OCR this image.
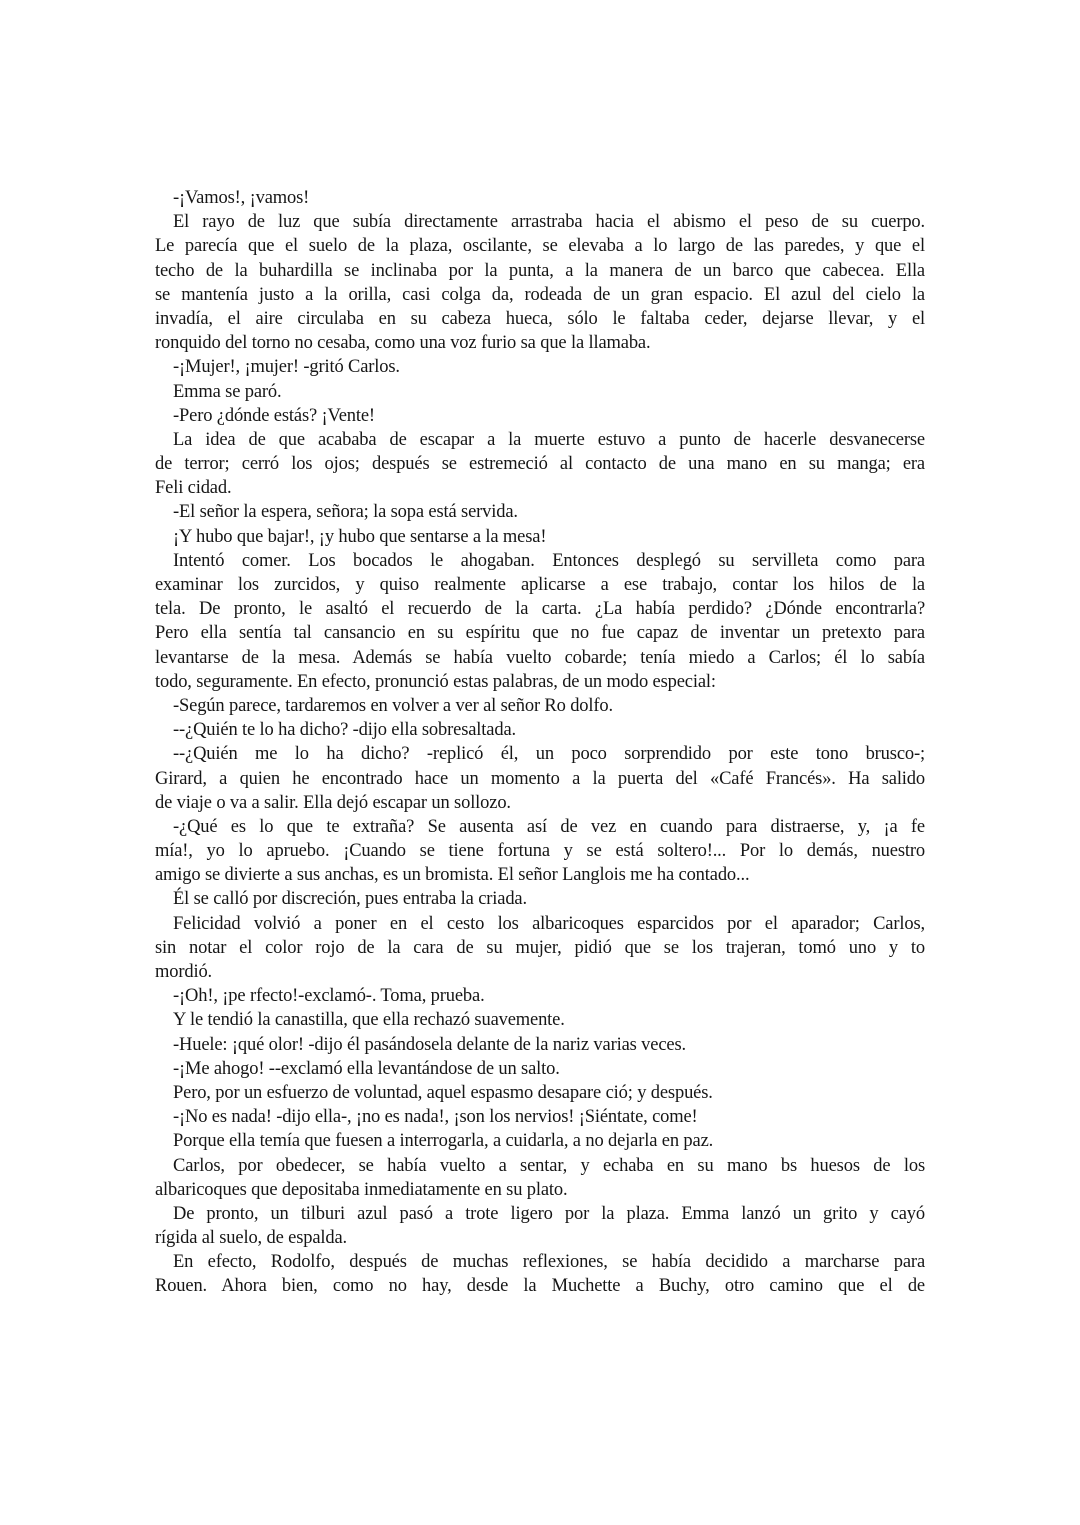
-¡Vamos!, ¡vamos!
El rayo de luz que subía directamente arrastraba hacia el abismo el peso de su cuerpo.
Le parecía que el suelo de la plaza, oscilante, se elevaba a lo largo de las paredes, y que el
techo de la buhardilla se inclinaba por la punta, a la manera de un barco que cabecea. Ella
se mantenía justo a la orilla, casi colga da, rodeada de un gran espacio. El azul del cielo la
invadía, el aire circulaba en su cabeza hueca, sólo le faltaba ceder, dejarse llevar, y el
ronquido del torno no cesaba, como una voz furio sa que la llamaba.
-¡Mujer!, ¡mujer! -gritó Carlos.
Emma se paró.
-Pero ¿dónde estás? ¡Vente!
La idea de que acababa de escapar a la muerte estuvo a punto de hacerle desvanecerse
de terror; cerró los ojos; después se estremeció al contacto de una mano en su manga; era
Feli cidad.
-El señor la espera, señora; la sopa está servida.
¡Y hubo que bajar!, ¡y hubo que sentarse a la mesa!
Intentó comer. Los bocados le ahogaban. Entonces desplegó su servilleta como para
examinar los zurcidos, y quiso realmente aplicarse a ese trabajo, contar los hilos de la
tela. De pronto, le asaltó el recuerdo de la carta. ¿La había perdido? ¿Dónde encontrarla?
Pero ella sentía tal cansancio en su espíritu que no fue capaz de inventar un pretexto para
levantarse de la mesa. Además se había vuelto cobarde; tenía miedo a Carlos; él lo sabía
todo, seguramente. En efecto, pronunció estas palabras, de un modo especial:
-Según parece, tardaremos en volver a ver al señor Ro dolfo.
--¿Quién te lo ha dicho? -dijo ella sobresaltada.
--¿Quién me lo ha dicho? -replicó él, un poco sorprendido por este tono brusco-;
Girard, a quien he encontrado hace un momento a la puerta del «Café Francés». Ha salido
de viaje o va a salir. Ella dejó escapar un sollozo.
-¿Qué es lo que te extraña? Se ausenta así de vez en cuando para distraerse, y, ¡a fe
mía!, yo lo apruebo. ¡Cuando se tiene fortuna y se está soltero!... Por lo demás, nuestro
amigo se divierte a sus anchas, es un bromista. El señor Langlois me ha contado...
Él se calló por discreción, pues entraba la criada.
Felicidad volvió a poner en el cesto los albaricoques esparcidos por el aparador; Carlos,
sin notar el color rojo de la cara de su mujer, pidió que se los trajeran, tomó uno y to
mordió.
-¡Oh!, ¡pe rfecto!-exclamó-. Toma, prueba.
Y le tendió la canastilla, que ella rechazó suavemente.
-Huele: ¡qué olor! -dijo él pasándosela delante de la nariz varias veces.
-¡Me ahogo! --exclamó ella levantándose de un salto.
Pero, por un esfuerzo de voluntad, aquel espasmo desapare ció; y después.
-¡No es nada! -dijo ella-, ¡no es nada!, ¡son los nervios! ¡Siéntate, come!
Porque ella temía que fuesen a interrogarla, a cuidarla, a no dejarla en paz.
Carlos, por obedecer, se había vuelto a sentar, y echaba en su mano bs huesos de los
albaricoques que depositaba inmediatamente en su plato.
De pronto, un tilburi azul pasó a trote ligero por la plaza. Emma lanzó un grito y cayó
rígida al suelo, de espalda.
En efecto, Rodolfo, después de muchas reflexiones, se había decidido a marcharse para
Rouen. Ahora bien, como no hay, desde la Muchette a Buchy, otro camino que el de
